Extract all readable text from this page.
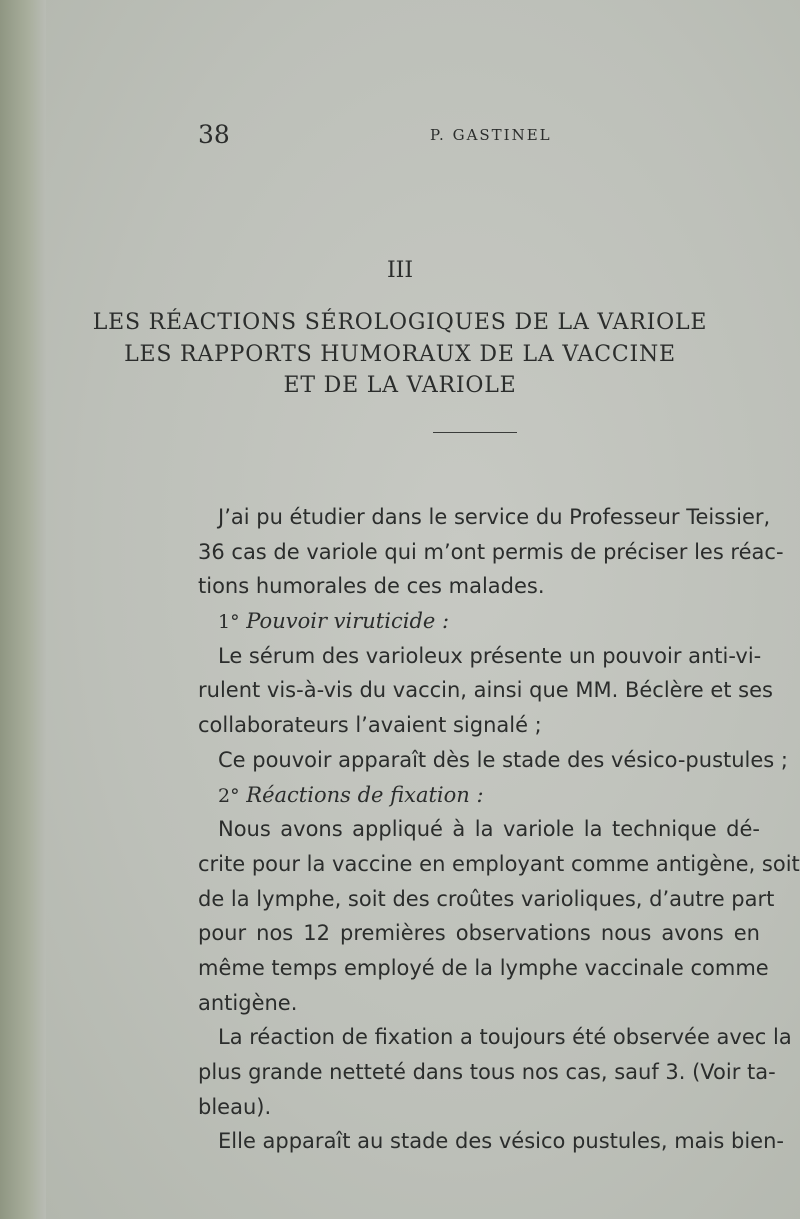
38	P. GASTINEL
III
LES RÉACTIONS SÉROLOGIQUES DE LA VARIOLE
LES RAPPORTS HUMORAUX DE LA VACCINE
ET DE LA VARIOLE
J’ai pu étudier dans le service du Professeur Teissier,
36 cas de variole qui m’ont permis de préciser les réac-
tions humorales de ces malades.
1° Pouvoir viruticide :
Le sérum des varioleux présente un pouvoir anti-vi-
rulent vis-à-vis du vaccin, ainsi que MM. Béclère et ses
collaborateurs l’avaient signalé ;
Ce pouvoir apparaît dès le stade des vésico-pustules ;
2° Réactions de fixation :
Nous avons appliqué à la variole la technique dé-
crite pour la vaccine en employant comme antigène, soit
de la lymphe, soit des croûtes varioliques, d’autre part
pour nos 12 premières observations nous avons en
même temps employé de la lymphe vaccinale comme
antigène.
La réaction de fixation a toujours été observée avec la
plus grande netteté dans tous nos cas, sauf 3. (Voir ta-
bleau).
Elle apparaît au stade des vésico pustules, mais bien-
